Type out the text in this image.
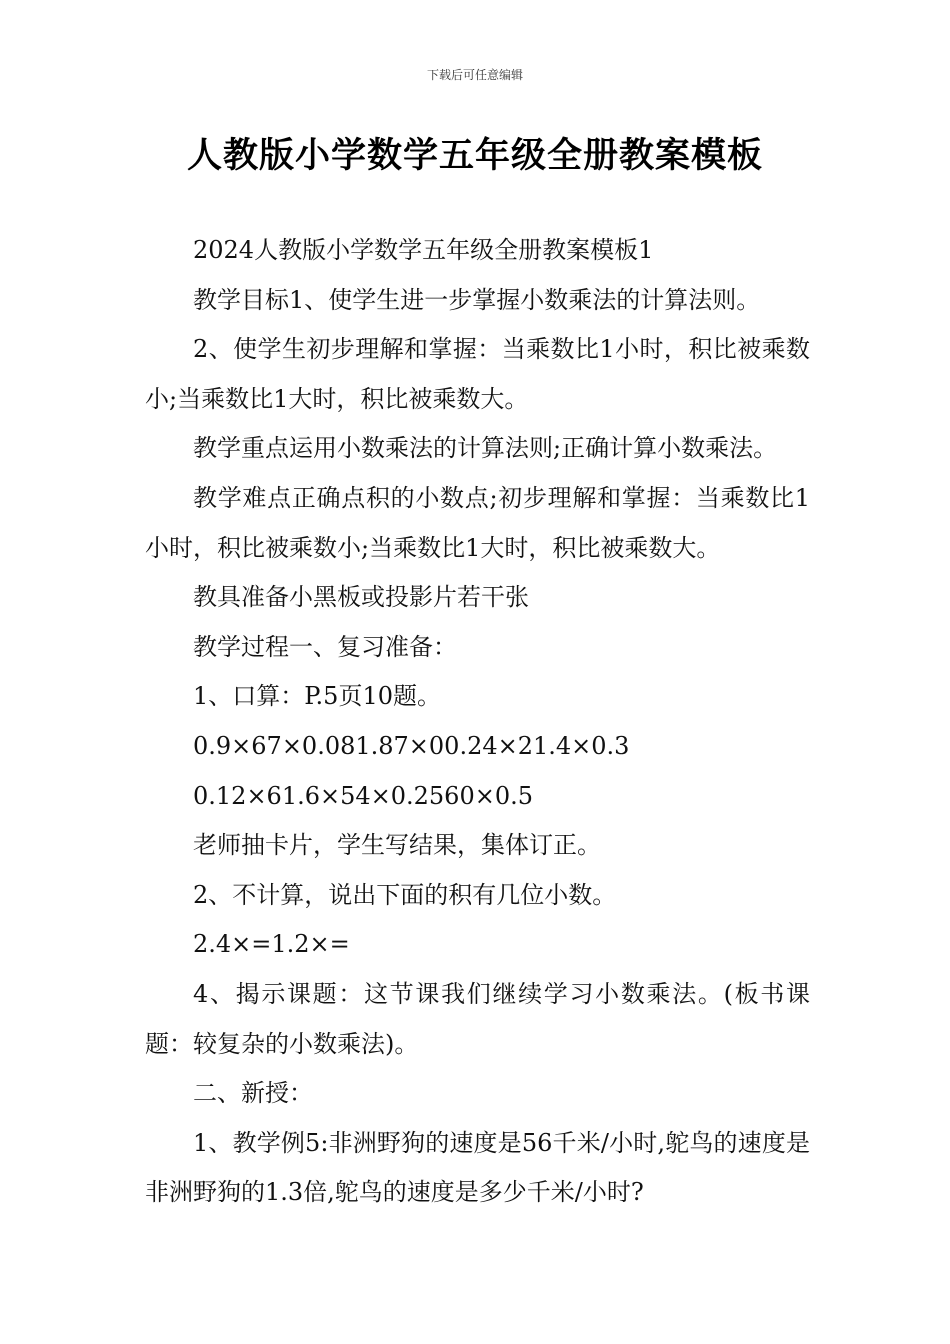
下载后可任意编辑
人教版小学数学五年级全册教案模板

2024人教版小学数学五年级全册教案模板1

教学目标1、使学生进一步掌握小数乘法的计算法则。

2、使学生初步理解和掌握：当乘数比1小时，积比被乘数小;当乘数比1大时，积比被乘数大。

教学重点运用小数乘法的计算法则;正确计算小数乘法。

教学难点正确点积的小数点;初步理解和掌握：当乘数比1小时，积比被乘数小;当乘数比1大时，积比被乘数大。

教具准备小黑板或投影片若干张

教学过程一、复习准备：

1、口算：P.5页10题。

0.9×67×0.081.87×00.24×21.4×0.3

0.12×61.6×54×0.2560×0.5

老师抽卡片，学生写结果，集体订正。

2、不计算，说出下面的积有几位小数。

2.4×=1.2×=

4、揭示课题：这节课我们继续学习小数乘法。(板书课题：较复杂的小数乘法)。

二、新授：

1、教学例5:非洲野狗的速度是56千米/小时,鸵鸟的速度是非洲野狗的1.3倍,鸵鸟的速度是多少千米/小时?
